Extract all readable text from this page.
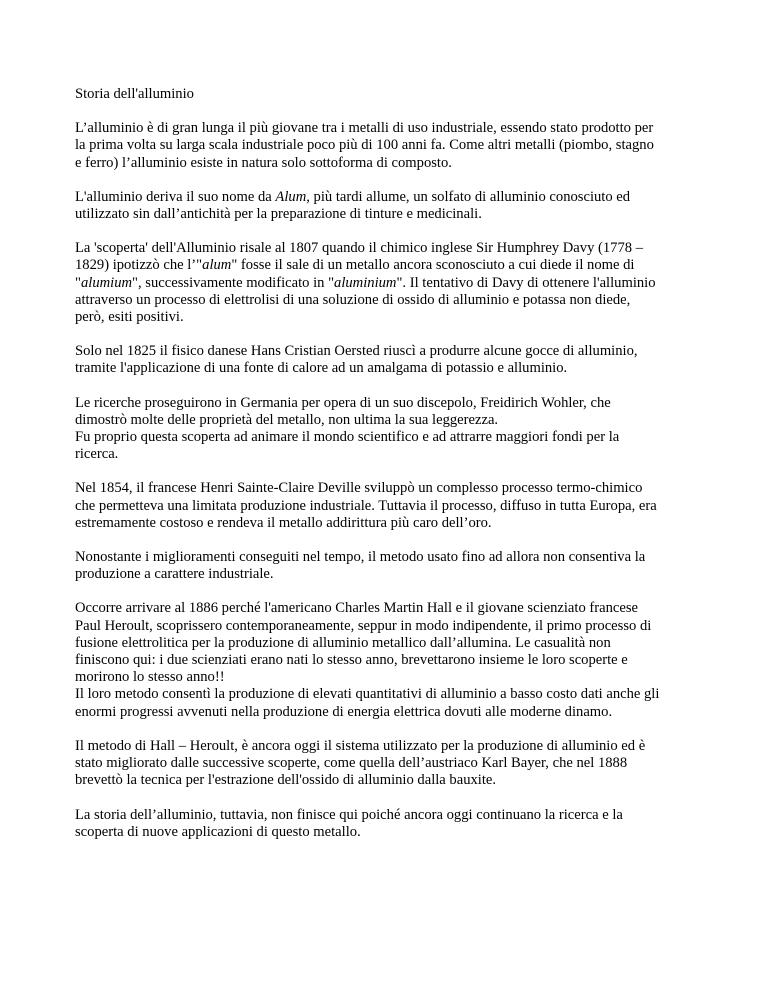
Storia dell'alluminio
L’alluminio è di gran lunga il più giovane tra i metalli di uso industriale, essendo stato prodotto per
la prima volta su larga scala industriale poco più di 100 anni fa. Come altri metalli (piombo, stagno
e ferro) l’alluminio esiste in natura solo sottoforma di composto.
L'alluminio deriva il suo nome da Alum, più tardi allume, un solfato di alluminio conosciuto ed
utilizzato sin dall’antichità per la preparazione di tinture e medicinali.
La 'scoperta' dell'Alluminio risale al 1807 quando il chimico inglese Sir Humphrey Davy (1778 –
1829) ipotizzò che l’"alum" fosse il sale di un metallo ancora sconosciuto a cui diede il nome di
"alumium", successivamente modificato in "aluminium". Il tentativo di Davy di ottenere l'alluminio
attraverso un processo di elettrolisi di una soluzione di ossido di alluminio e potassa non diede,
però, esiti positivi.
Solo nel 1825 il fisico danese Hans Cristian Oersted riuscì a produrre alcune gocce di alluminio,
tramite l'applicazione di una fonte di calore ad un amalgama di potassio e alluminio.
Le ricerche proseguirono in Germania per opera di un suo discepolo, Freidirich Wohler, che
dimostrò molte delle proprietà del metallo, non ultima la sua leggerezza.
Fu proprio questa scoperta ad animare il mondo scientifico e ad attrarre maggiori fondi per la
ricerca.
Nel 1854, il francese Henri Sainte-Claire Deville sviluppò un complesso processo termo-chimico
che permetteva una limitata produzione industriale. Tuttavia il processo, diffuso in tutta Europa, era
estremamente costoso e rendeva il metallo addirittura più caro dell’oro.
Nonostante i miglioramenti conseguiti nel tempo, il metodo usato fino ad allora non consentiva la
produzione a carattere industriale.
Occorre arrivare al 1886 perché l'americano Charles Martin Hall e il giovane scienziato francese
Paul Heroult, scoprissero contemporaneamente, seppur in modo indipendente, il primo processo di
fusione elettrolitica per la produzione di alluminio metallico dall’allumina. Le casualità non
finiscono qui: i due scienziati erano nati lo stesso anno, brevettarono insieme le loro scoperte e
morirono lo stesso anno!!
Il loro metodo consentì la produzione di elevati quantitativi di alluminio a basso costo dati anche gli
enormi progressi avvenuti nella produzione di energia elettrica dovuti alle moderne dinamo.
Il metodo di Hall – Heroult, è ancora oggi il sistema utilizzato per la produzione di alluminio ed è
stato migliorato dalle successive scoperte, come quella dell’austriaco Karl Bayer, che nel 1888
brevettò la tecnica per l'estrazione dell'ossido di alluminio dalla bauxite.
La storia dell’alluminio, tuttavia, non finisce qui poiché ancora oggi continuano la ricerca e la
scoperta di nuove applicazioni di questo metallo.
